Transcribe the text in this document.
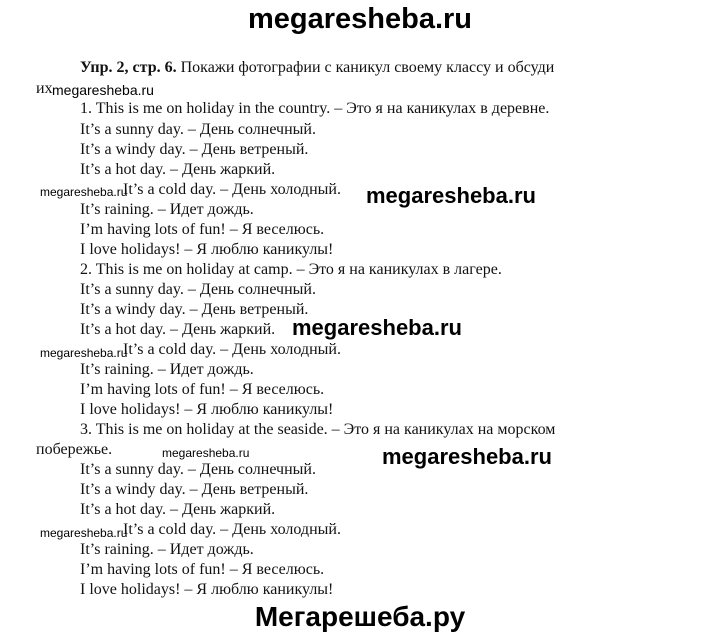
megaresheba.ru
Мегарешеба.ру
Упр. 2, стр. 6. Покажи фотографии с каникул своему классу и обсуди
их megaresheba.ru
1. This is me on holiday in the country. – Это я на каникулах в деревне.
It’s a sunny day. – День солнечный.
It’s a windy day. – День ветреный.
It’s a hot day. – День жаркий.
megaresheba.ru
It’s a cold day. – День холодный. megaresheba.ru
It’s raining. – Идет дождь.
I’m having lots of fun! – Я веселюсь.
I love holidays! – Я люблю каникулы!
2. This is me on holiday at camp. – Это я на каникулах в лагере.
It’s a sunny day. – День солнечный.
It’s a windy day. – День ветреный.
It’s a hot day. – День жаркий. megaresheba.ru
megaresheba.ru
It’s a cold day. – День холодный.
It’s raining. – Идет дождь.
I’m having lots of fun! – Я веселюсь.
I love holidays! – Я люблю каникулы!
3. This is me on holiday at the seaside. – Это я на каникулах на морском
побережье.	megaresheba.ru	megaresheba.ru
It’s a sunny day. – День солнечный.
It’s a windy day. – День ветреный.
It’s a hot day. – День жаркий.
megaresheba.ru
It’s a cold day. – День холодный.
It’s raining. – Идет дождь.
I’m having lots of fun! – Я веселюсь.
I love holidays! – Я люблю каникулы!
